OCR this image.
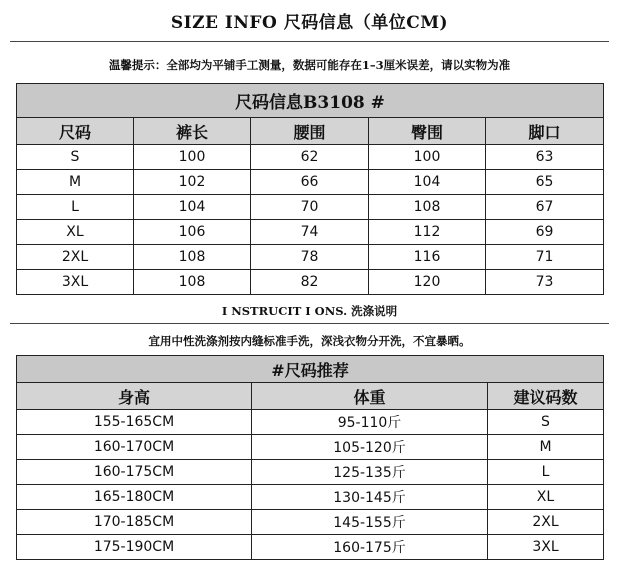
SIZE INFO 尺码信息（单位CM)
温馨提示：全部均为平铺手工测量，数据可能存在1–3厘米误差，请以实物为准
尺码信息B3108 #				
尺码	裤长	腰围	臀围	脚口
S	100	62	100	63
M	102	66	104	65
L	104	70	108	67
XL	106	74	112	69
2XL	108	78	116	71
3XL	108	82	120	73
I NSTRUCIT I ONS. 洗涤说明
宜用中性洗涤剂按内缝标准手洗，深浅衣物分开洗，不宜暴晒。
#尺码推荐		
身高	体重	建议码数
155-165CM	95-110斤	S
160-170CM	105-120斤	M
160-175CM	125-135斤	L
165-180CM	130-145斤	XL
170-185CM	145-155斤	2XL
175-190CM	160-175斤	3XL
